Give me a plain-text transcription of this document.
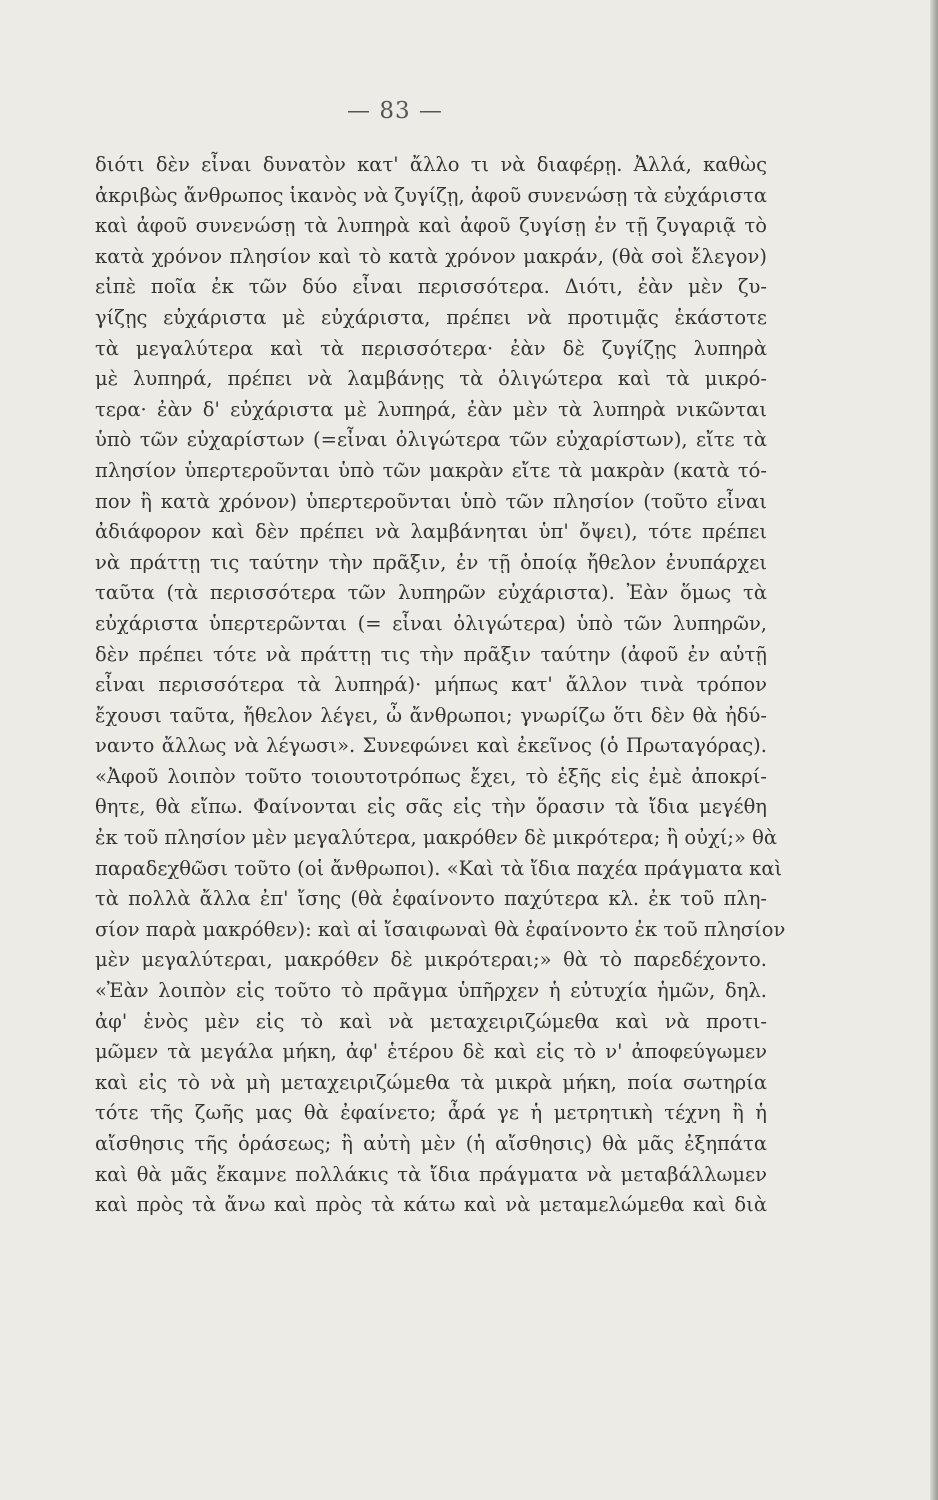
— 83 —
διότι δὲν εἶναι δυνατὸν κατ' ἄλλο τι νὰ διαφέρῃ. Ἀλλά, καθὼς
ἀκριβὼς ἄνθρωπος ἱκανὸς νὰ ζυγίζῃ, ἀφοῦ συνενώσῃ τὰ εὐχάριστα
καὶ ἀφοῦ συνενώσῃ τὰ λυπηρὰ καὶ ἀφοῦ ζυγίσῃ ἐν τῇ ζυγαριᾷ τὸ
κατὰ χρόνον πλησίον καὶ τὸ κατὰ χρόνον μακράν, (θὰ σοὶ ἔλεγον)
εἰπὲ ποῖα ἐκ τῶν δύο εἶναι περισσότερα. Διότι, ἐὰν μὲν ζυ-
γίζῃς εὐχάριστα μὲ εὐχάριστα, πρέπει νὰ προτιμᾷς ἑκάστοτε
τὰ μεγαλύτερα καὶ τὰ περισσότερα· ἐὰν δὲ ζυγίζῃς λυπηρὰ
μὲ λυπηρά, πρέπει νὰ λαμβάνῃς τὰ ὀλιγώτερα καὶ τὰ μικρό-
τερα· ἐὰν δ' εὐχάριστα μὲ λυπηρά, ἐὰν μὲν τὰ λυπηρὰ νικῶνται
ὑπὸ τῶν εὐχαρίστων (=εἶναι ὀλιγώτερα τῶν εὐχαρίστων), εἴτε τὰ
πλησίον ὑπερτεροῦνται ὑπὸ τῶν μακρὰν εἴτε τὰ μακρὰν (κατὰ τό-
πον ἢ κατὰ χρόνον) ὑπερτεροῦνται ὑπὸ τῶν πλησίον (τοῦτο εἶναι
ἀδιάφορον καὶ δὲν πρέπει νὰ λαμβάνηται ὑπ' ὄψει), τότε πρέπει
νὰ πράττῃ τις ταύτην τὴν πρᾶξιν, ἐν τῇ ὁποίᾳ ἤθελον ἐνυπάρχει
ταῦτα (τὰ περισσότερα τῶν λυπηρῶν εὐχάριστα). Ἐὰν ὅμως τὰ
εὐχάριστα ὑπερτερῶνται (= εἶναι ὀλιγώτερα) ὑπὸ τῶν λυπηρῶν,
δὲν πρέπει τότε νὰ πράττῃ τις τὴν πρᾶξιν ταύτην (ἀφοῦ ἐν αὐτῇ
εἶναι περισσότερα τὰ λυπηρά)· μήπως κατ' ἄλλον τινὰ τρόπον
ἔχουσι ταῦτα, ἤθελον λέγει, ὦ ἄνθρωποι; γνωρίζω ὅτι δὲν θὰ ἠδύ-
ναντο ἄλλως νὰ λέγωσι». Συνεφώνει καὶ ἐκεῖνος (ὁ Πρωταγόρας).
«Ἀφοῦ λοιπὸν τοῦτο τοιουτοτρόπως ἔχει, τὸ ἑξῆς εἰς ἐμὲ ἀποκρί-
θητε, θὰ εἴπω. Φαίνονται εἰς σᾶς εἰς τὴν ὅρασιν τὰ ἴδια μεγέθη
ἐκ τοῦ πλησίον μὲν μεγαλύτερα, μακρόθεν δὲ μικρότερα; ἢ οὐχί;» θὰ
παραδεχθῶσι τοῦτο (οἱ ἄνθρωποι). «Καὶ τὰ ἴδια παχέα πράγματα καὶ
τὰ πολλὰ ἄλλα ἐπ' ἴσης (θὰ ἐφαίνοντο παχύτερα κλ. ἐκ τοῦ πλη-
σίον παρὰ μακρόθεν): καὶ αἱ ἴσαιφωναὶ θὰ ἐφαίνοντο ἐκ τοῦ πλησίον
μὲν μεγαλύτεραι, μακρόθεν δὲ μικρότεραι;» θὰ τὸ παρεδέχοντο.
«Ἐὰν λοιπὸν εἰς τοῦτο τὸ πρᾶγμα ὑπῆρχεν ἡ εὐτυχία ἡμῶν, δηλ.
ἀφ' ἑνὸς μὲν εἰς τὸ καὶ νὰ μεταχειριζώμεθα καὶ νὰ προτι-
μῶμεν τὰ μεγάλα μήκη, ἀφ' ἑτέρου δὲ καὶ εἰς τὸ ν' ἀποφεύγωμεν
καὶ εἰς τὸ νὰ μὴ μεταχειριζώμεθα τὰ μικρὰ μήκη, ποία σωτηρία
τότε τῆς ζωῆς μας θὰ ἐφαίνετο; ἆρά γε ἡ μετρητικὴ τέχνη ἢ ἡ
αἴσθησις τῆς ὁράσεως; ἢ αὐτὴ μὲν (ἡ αἴσθησις) θὰ μᾶς ἐξηπάτα
καὶ θὰ μᾶς ἔκαμνε πολλάκις τὰ ἴδια πράγματα νὰ μεταβάλλωμεν
καὶ πρὸς τὰ ἄνω καὶ πρὸς τὰ κάτω καὶ νὰ μεταμελώμεθα καὶ διὰ
